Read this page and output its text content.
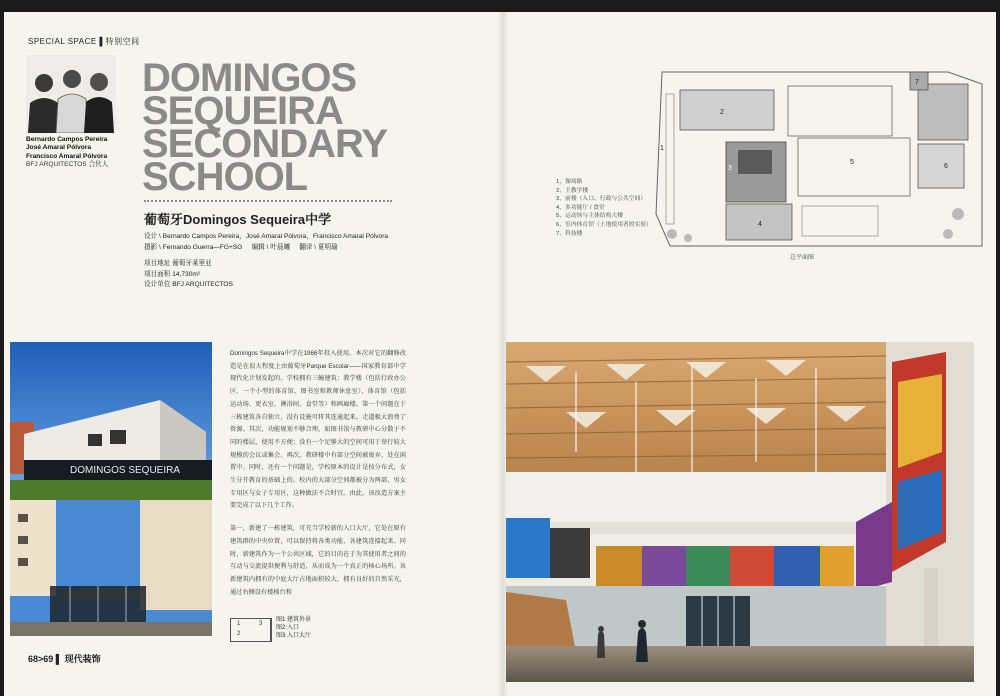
SPECIAL SPACE ▌特别空间
Bernardo Campos Pereira
José Amaral Pólvora
Francisco Amaral Pólvora
BFJ ARQUITECTOS 合伙人
DOMINGOS
SEQUEIRA
SECONDARY
SCHOOL
葡萄牙Domingos Sequeira中学
设计 \ Bernardo Campos Pereira，José Amaral Pólvora，Francisco Amaral Pólvora
摄影 \ Fernando Guerra—FG+SG 编辑 \ 叶晨曦 翻译 \ 夏明瑜
项目地址 葡萄牙莱里亚
项目面积 14,730m²
设计单位 BFJ ARQUITECTOS
DOMINGOS SEQUEIRA

Domingos Sequeira中学在1966年投入使用。本次对它的翻修改造是在很大程度上由葡萄牙Parque Escolar——国家教育部中学现代化计划发起的。学校拥有三幢建筑：教学楼（包括行政办公区、一个小型的体育馆、图书室和教师休息室）、体育馆（包括运动场、更衣室、淋浴间、食堂等）和画廊楼。第一个问题在于三栋建筑各自独立，没有设施可将其连通起来。走道极大浪费了资源。其次，功能规划不够合理，如图书馆与教研中心分散于不同的楼层，使用不方便；没有一个足够大的空间可用于举行较大规模的会议或集会。再次，教研楼中有部分空间被废弃，处在闲置中。同时，还有一个问题是，学校原本的设计是按分布式，女生分开教育的基础上的。校内的大部分空间都被分为两部，男女专用区与女子专用区，这种做法不合时宜。由此，该改造方案主要完成了以下几个工作。

第一，新建了一栋建筑，可充当学校新的入口大厅，它处在原有建筑群的中央位置，可以保持将各类功能、各建筑连接起来。同时，新建筑作为一个公共区域，它的目的在于为其使用者之间的互动与交流提供便利与舒适，从而成为一个真正的核心场所。该新建筑内拥有的中庭大厅占地面积较大，拥有良好的自然采光，通过右侧设有楼梯台和

1	3
2
图1 建筑外景
图2 入口
图3 入口大厅
68>69 ▌ 现代装饰
1
2
3
4
5
6
7
1、操场路
2、主教学楼
3、前楼（入口、行政与公共空间）
4、多功能厅 / 食堂
5、运动场与主体结构大楼
6、室内体育馆（土地使用者的实验）
7、科技楼
总平面图
